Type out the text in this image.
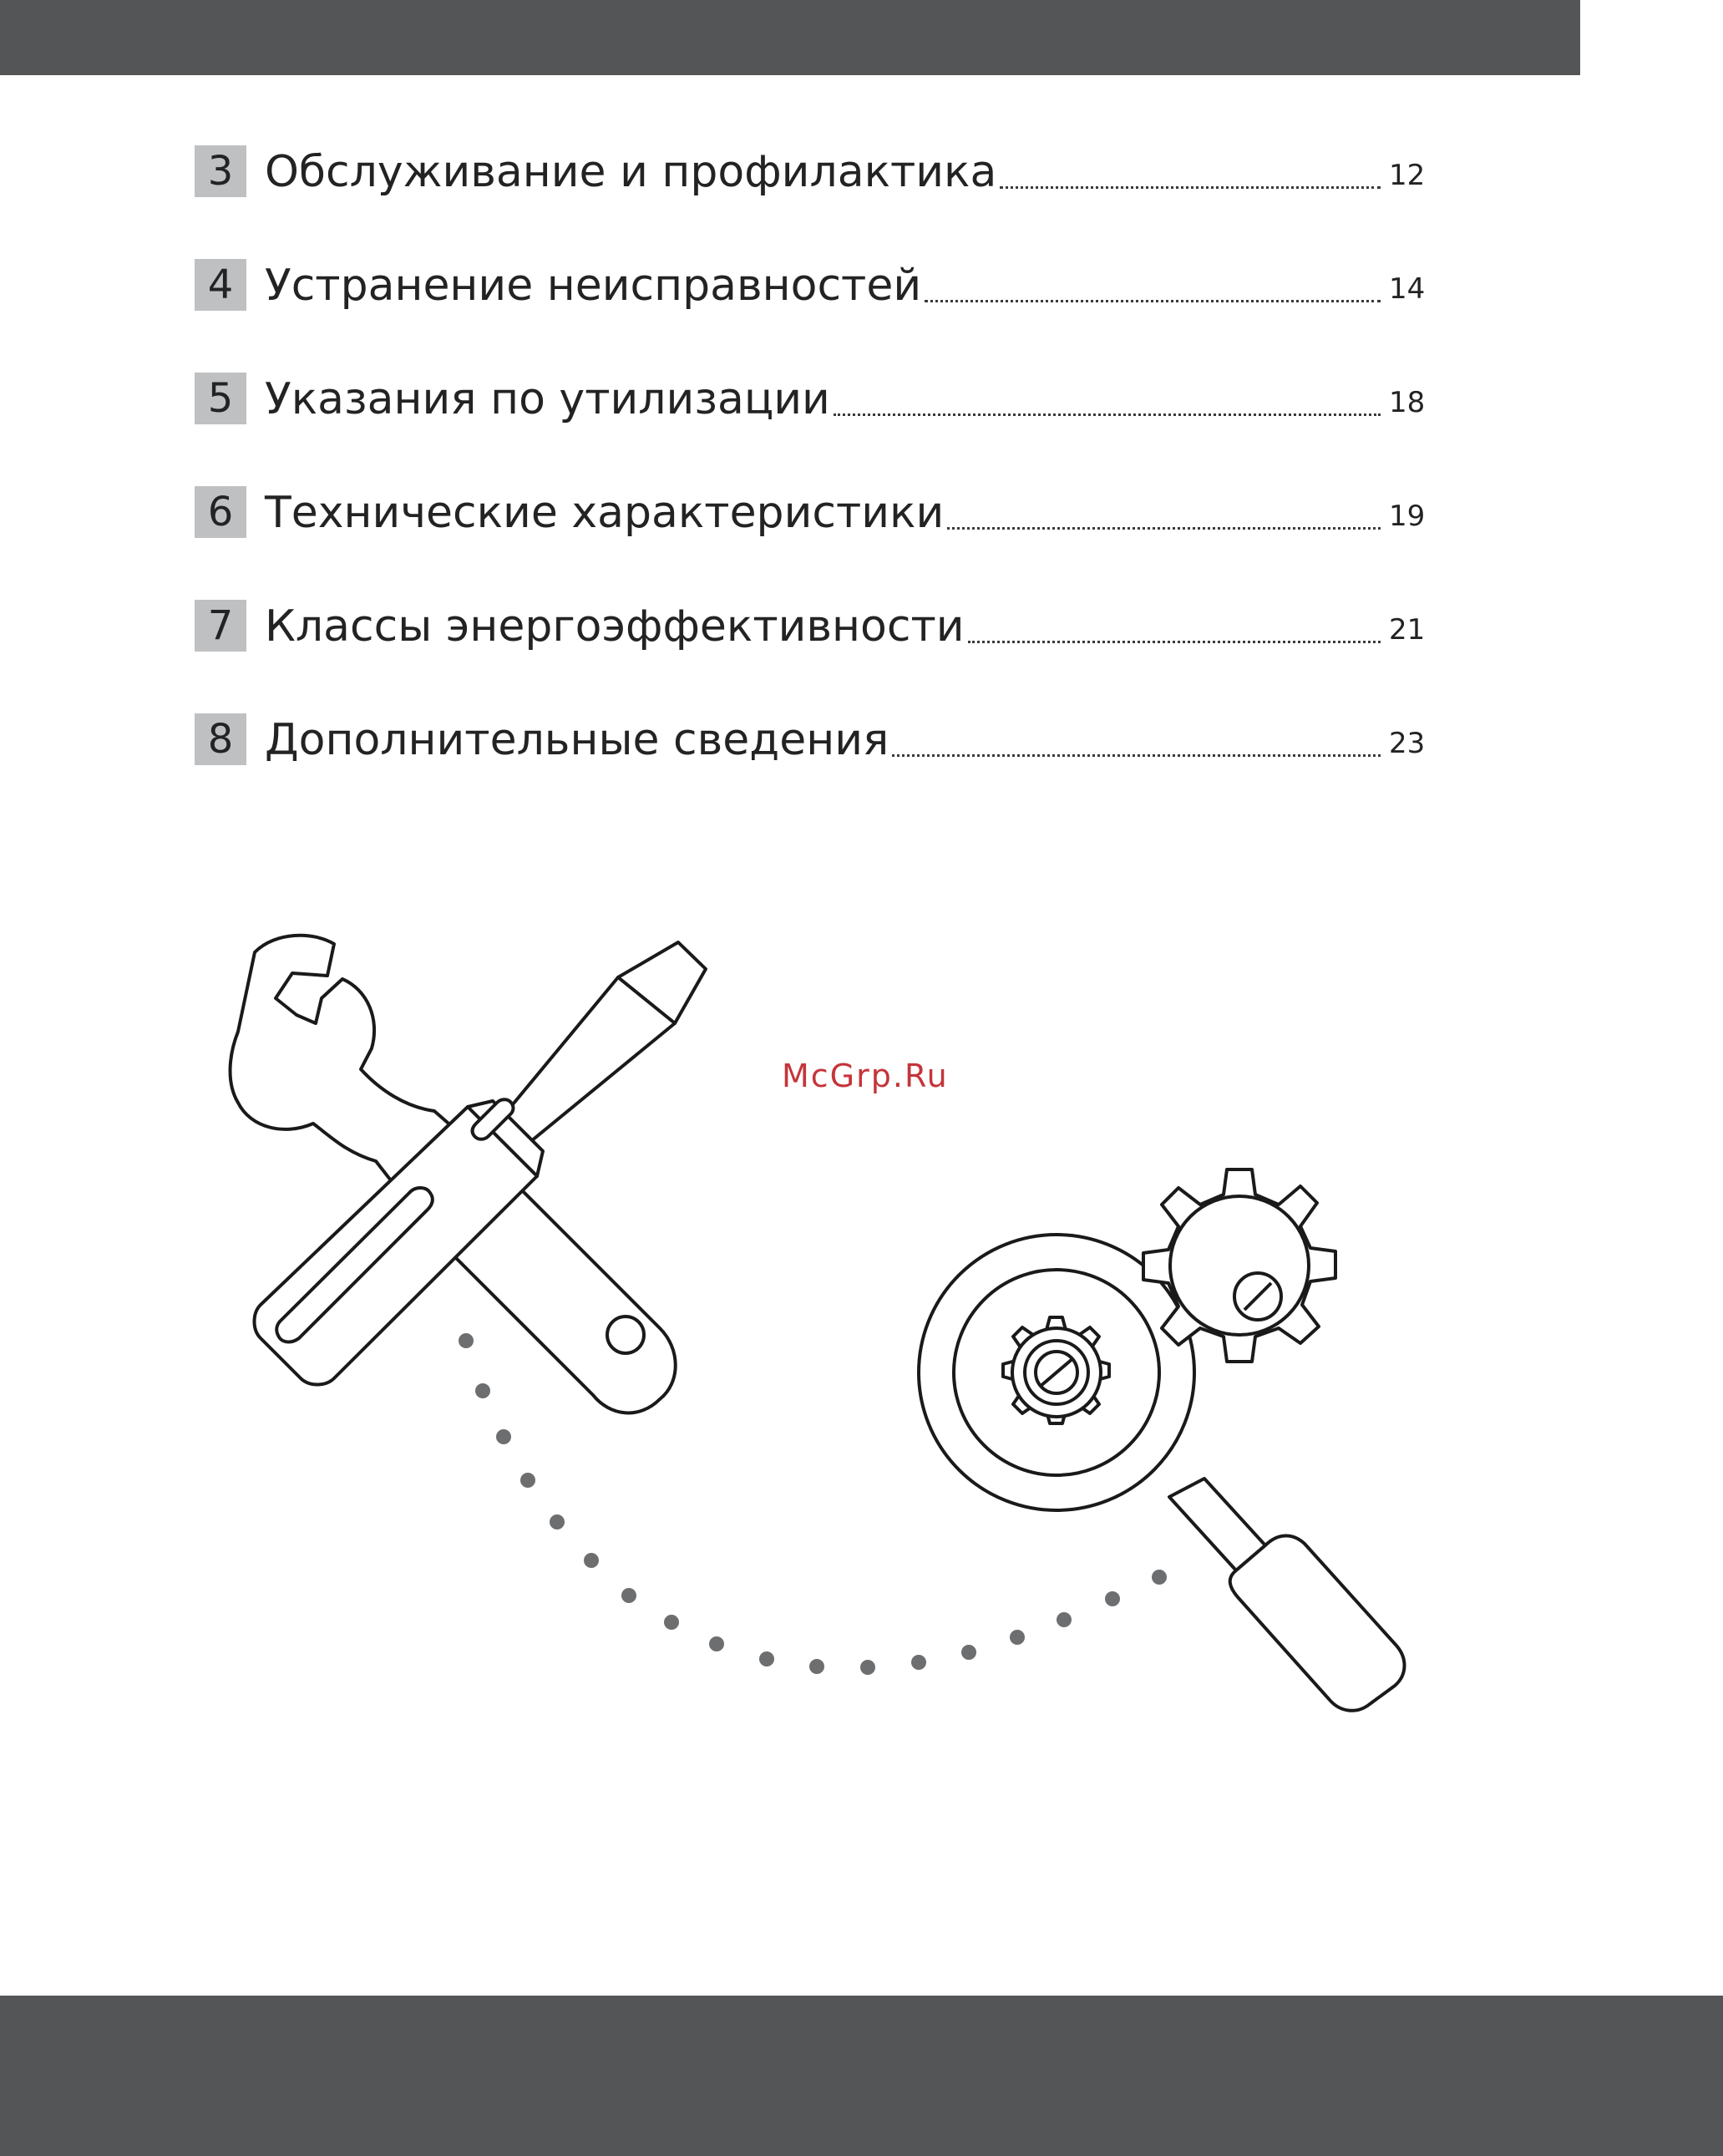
3 Обслуживание и профилактика	12
4 Устранение неисправностей	14
5 Указания по утилизации	18
6 Технические характеристики	19
7 Классы энергоэффективности	21
8 Дополнительные сведения	23
McGrp.Ru
